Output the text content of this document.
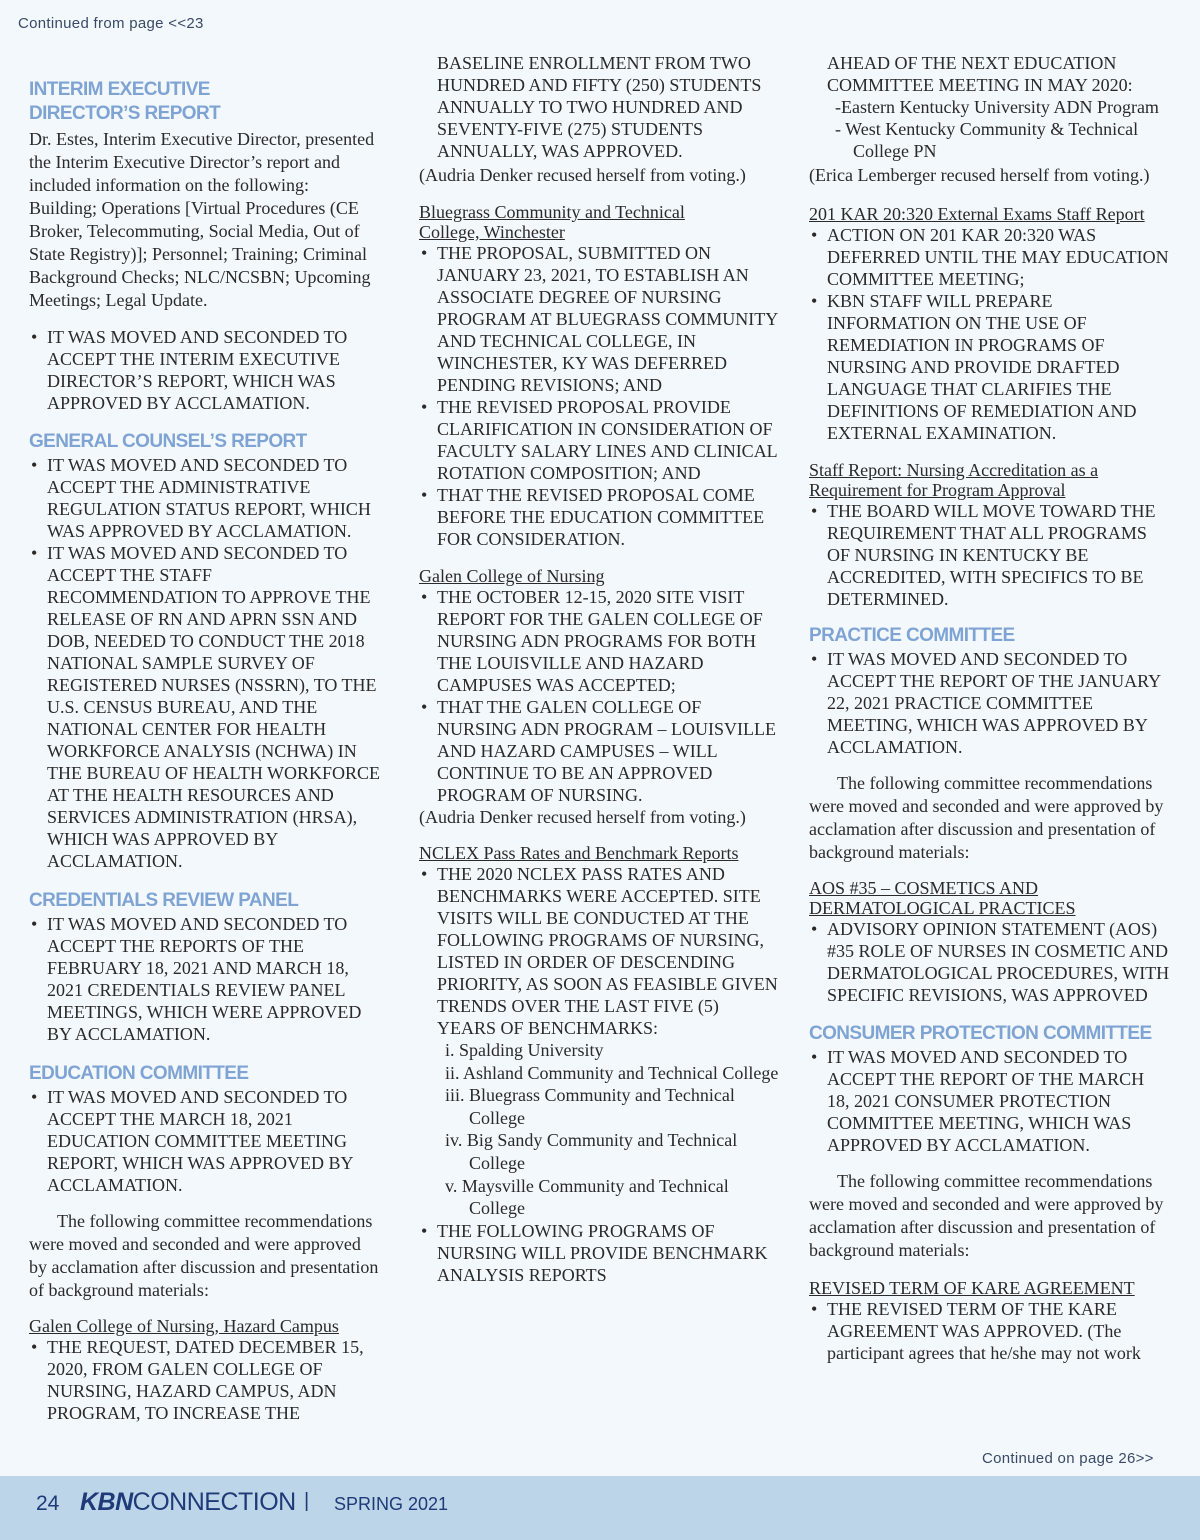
Continued from page <<23

INTERIM EXECUTIVE
DIRECTOR’S REPORT

Dr. Estes, Interim Executive Director, presented the Interim Executive Director’s report and included information on the following: Building; Operations [Virtual Procedures (CE Broker, Telecommuting, Social Media, Out of State Registry)]; Personnel; Training; Criminal Background Checks; NLC/NCSBN; Upcoming Meetings; Legal Update.

• IT WAS MOVED AND SECONDED TO ACCEPT THE INTERIM EXECUTIVE DIRECTOR’S REPORT, WHICH WAS APPROVED BY ACCLAMATION.

GENERAL COUNSEL’S REPORT

• IT WAS MOVED AND SECONDED TO ACCEPT THE ADMINISTRATIVE REGULATION STATUS REPORT, WHICH WAS APPROVED BY ACCLAMATION.
• IT WAS MOVED AND SECONDED TO ACCEPT THE STAFF RECOMMENDATION TO APPROVE THE RELEASE OF RN AND APRN SSN AND DOB, NEEDED TO CONDUCT THE 2018 NATIONAL SAMPLE SURVEY OF REGISTERED NURSES (NSSRN), TO THE U.S. CENSUS BUREAU, AND THE NATIONAL CENTER FOR HEALTH WORKFORCE ANALYSIS (NCHWA) IN THE BUREAU OF HEALTH WORKFORCE AT THE HEALTH RESOURCES AND SERVICES ADMINISTRATION (HRSA), WHICH WAS APPROVED BY ACCLAMATION.

CREDENTIALS REVIEW PANEL

• IT WAS MOVED AND SECONDED TO ACCEPT THE REPORTS OF THE FEBRUARY 18, 2021 AND MARCH 18, 2021 CREDENTIALS REVIEW PANEL MEETINGS, WHICH WERE APPROVED BY ACCLAMATION.

EDUCATION COMMITTEE

• IT WAS MOVED AND SECONDED TO ACCEPT THE MARCH 18, 2021 EDUCATION COMMITTEE MEETING REPORT, WHICH WAS APPROVED BY ACCLAMATION.

The following committee recommendations were moved and seconded and were approved by acclamation after discussion and presentation of background materials:

Galen College of Nursing, Hazard Campus

• THE REQUEST, DATED DECEMBER 15, 2020, FROM GALEN COLLEGE OF NURSING, HAZARD CAMPUS, ADN PROGRAM, TO INCREASE THE

BASELINE ENROLLMENT FROM TWO HUNDRED AND FIFTY (250) STUDENTS ANNUALLY TO TWO HUNDRED AND SEVENTY-FIVE (275) STUDENTS ANNUALLY, WAS APPROVED.

(Audria Denker recused herself from voting.)

Bluegrass Community and Technical
College, Winchester

• THE PROPOSAL, SUBMITTED ON JANUARY 23, 2021, TO ESTABLISH AN ASSOCIATE DEGREE OF NURSING PROGRAM AT BLUEGRASS COMMUNITY AND TECHNICAL COLLEGE, IN WINCHESTER, KY WAS DEFERRED PENDING REVISIONS; AND
• THE REVISED PROPOSAL PROVIDE CLARIFICATION IN CONSIDERATION OF FACULTY SALARY LINES AND CLINICAL ROTATION COMPOSITION; AND
• THAT THE REVISED PROPOSAL COME BEFORE THE EDUCATION COMMITTEE FOR CONSIDERATION.

Galen College of Nursing

• THE OCTOBER 12-15, 2020 SITE VISIT REPORT FOR THE GALEN COLLEGE OF NURSING ADN PROGRAMS FOR BOTH THE LOUISVILLE AND HAZARD CAMPUSES WAS ACCEPTED;
• THAT THE GALEN COLLEGE OF NURSING ADN PROGRAM – LOUISVILLE AND HAZARD CAMPUSES – WILL CONTINUE TO BE AN APPROVED PROGRAM OF NURSING.

(Audria Denker recused herself from voting.)

NCLEX Pass Rates and Benchmark Reports

• THE 2020 NCLEX PASS RATES AND BENCHMARKS WERE ACCEPTED. SITE VISITS WILL BE CONDUCTED AT THE FOLLOWING PROGRAMS OF NURSING, LISTED IN ORDER OF DESCENDING PRIORITY, AS SOON AS FEASIBLE GIVEN TRENDS OVER THE LAST FIVE (5) YEARS OF BENCHMARKS:
i. Spalding University
ii. Ashland Community and Technical College
iii. Bluegrass Community and Technical College
iv. Big Sandy Community and Technical College
v. Maysville Community and Technical College
• THE FOLLOWING PROGRAMS OF NURSING WILL PROVIDE BENCHMARK ANALYSIS REPORTS

AHEAD OF THE NEXT EDUCATION COMMITTEE MEETING IN MAY 2020:

-Eastern Kentucky University ADN Program

- West Kentucky Community & Technical College PN

(Erica Lemberger recused herself from voting.)

201 KAR 20:320 External Exams Staff Report

• ACTION ON 201 KAR 20:320 WAS DEFERRED UNTIL THE MAY EDUCATION COMMITTEE MEETING;
• KBN STAFF WILL PREPARE INFORMATION ON THE USE OF REMEDIATION IN PROGRAMS OF NURSING AND PROVIDE DRAFTED LANGUAGE THAT CLARIFIES THE DEFINITIONS OF REMEDIATION AND EXTERNAL EXAMINATION.

Staff Report: Nursing Accreditation as a
Requirement for Program Approval

• THE BOARD WILL MOVE TOWARD THE REQUIREMENT THAT ALL PROGRAMS OF NURSING IN KENTUCKY BE ACCREDITED, WITH SPECIFICS TO BE DETERMINED.

PRACTICE COMMITTEE

• IT WAS MOVED AND SECONDED TO ACCEPT THE REPORT OF THE JANUARY 22, 2021 PRACTICE COMMITTEE MEETING, WHICH WAS APPROVED BY ACCLAMATION.

The following committee recommendations were moved and seconded and were approved by acclamation after discussion and presentation of background materials:

AOS #35 – COSMETICS AND
DERMATOLOGICAL PRACTICES

• ADVISORY OPINION STATEMENT (AOS) #35 ROLE OF NURSES IN COSMETIC AND DERMATOLOGICAL PROCEDURES, WITH SPECIFIC REVISIONS, WAS APPROVED

CONSUMER PROTECTION COMMITTEE

• IT WAS MOVED AND SECONDED TO ACCEPT THE REPORT OF THE MARCH 18, 2021 CONSUMER PROTECTION COMMITTEE MEETING, WHICH WAS APPROVED BY ACCLAMATION.

The following committee recommendations were moved and seconded and were approved by acclamation after discussion and presentation of background materials:

REVISED TERM OF KARE AGREEMENT

• THE REVISED TERM OF THE KARE AGREEMENT WAS APPROVED. (The participant agrees that he/she may not work
Continued on page 26>>
24 KBNCONNECTION | SPRING 2021
